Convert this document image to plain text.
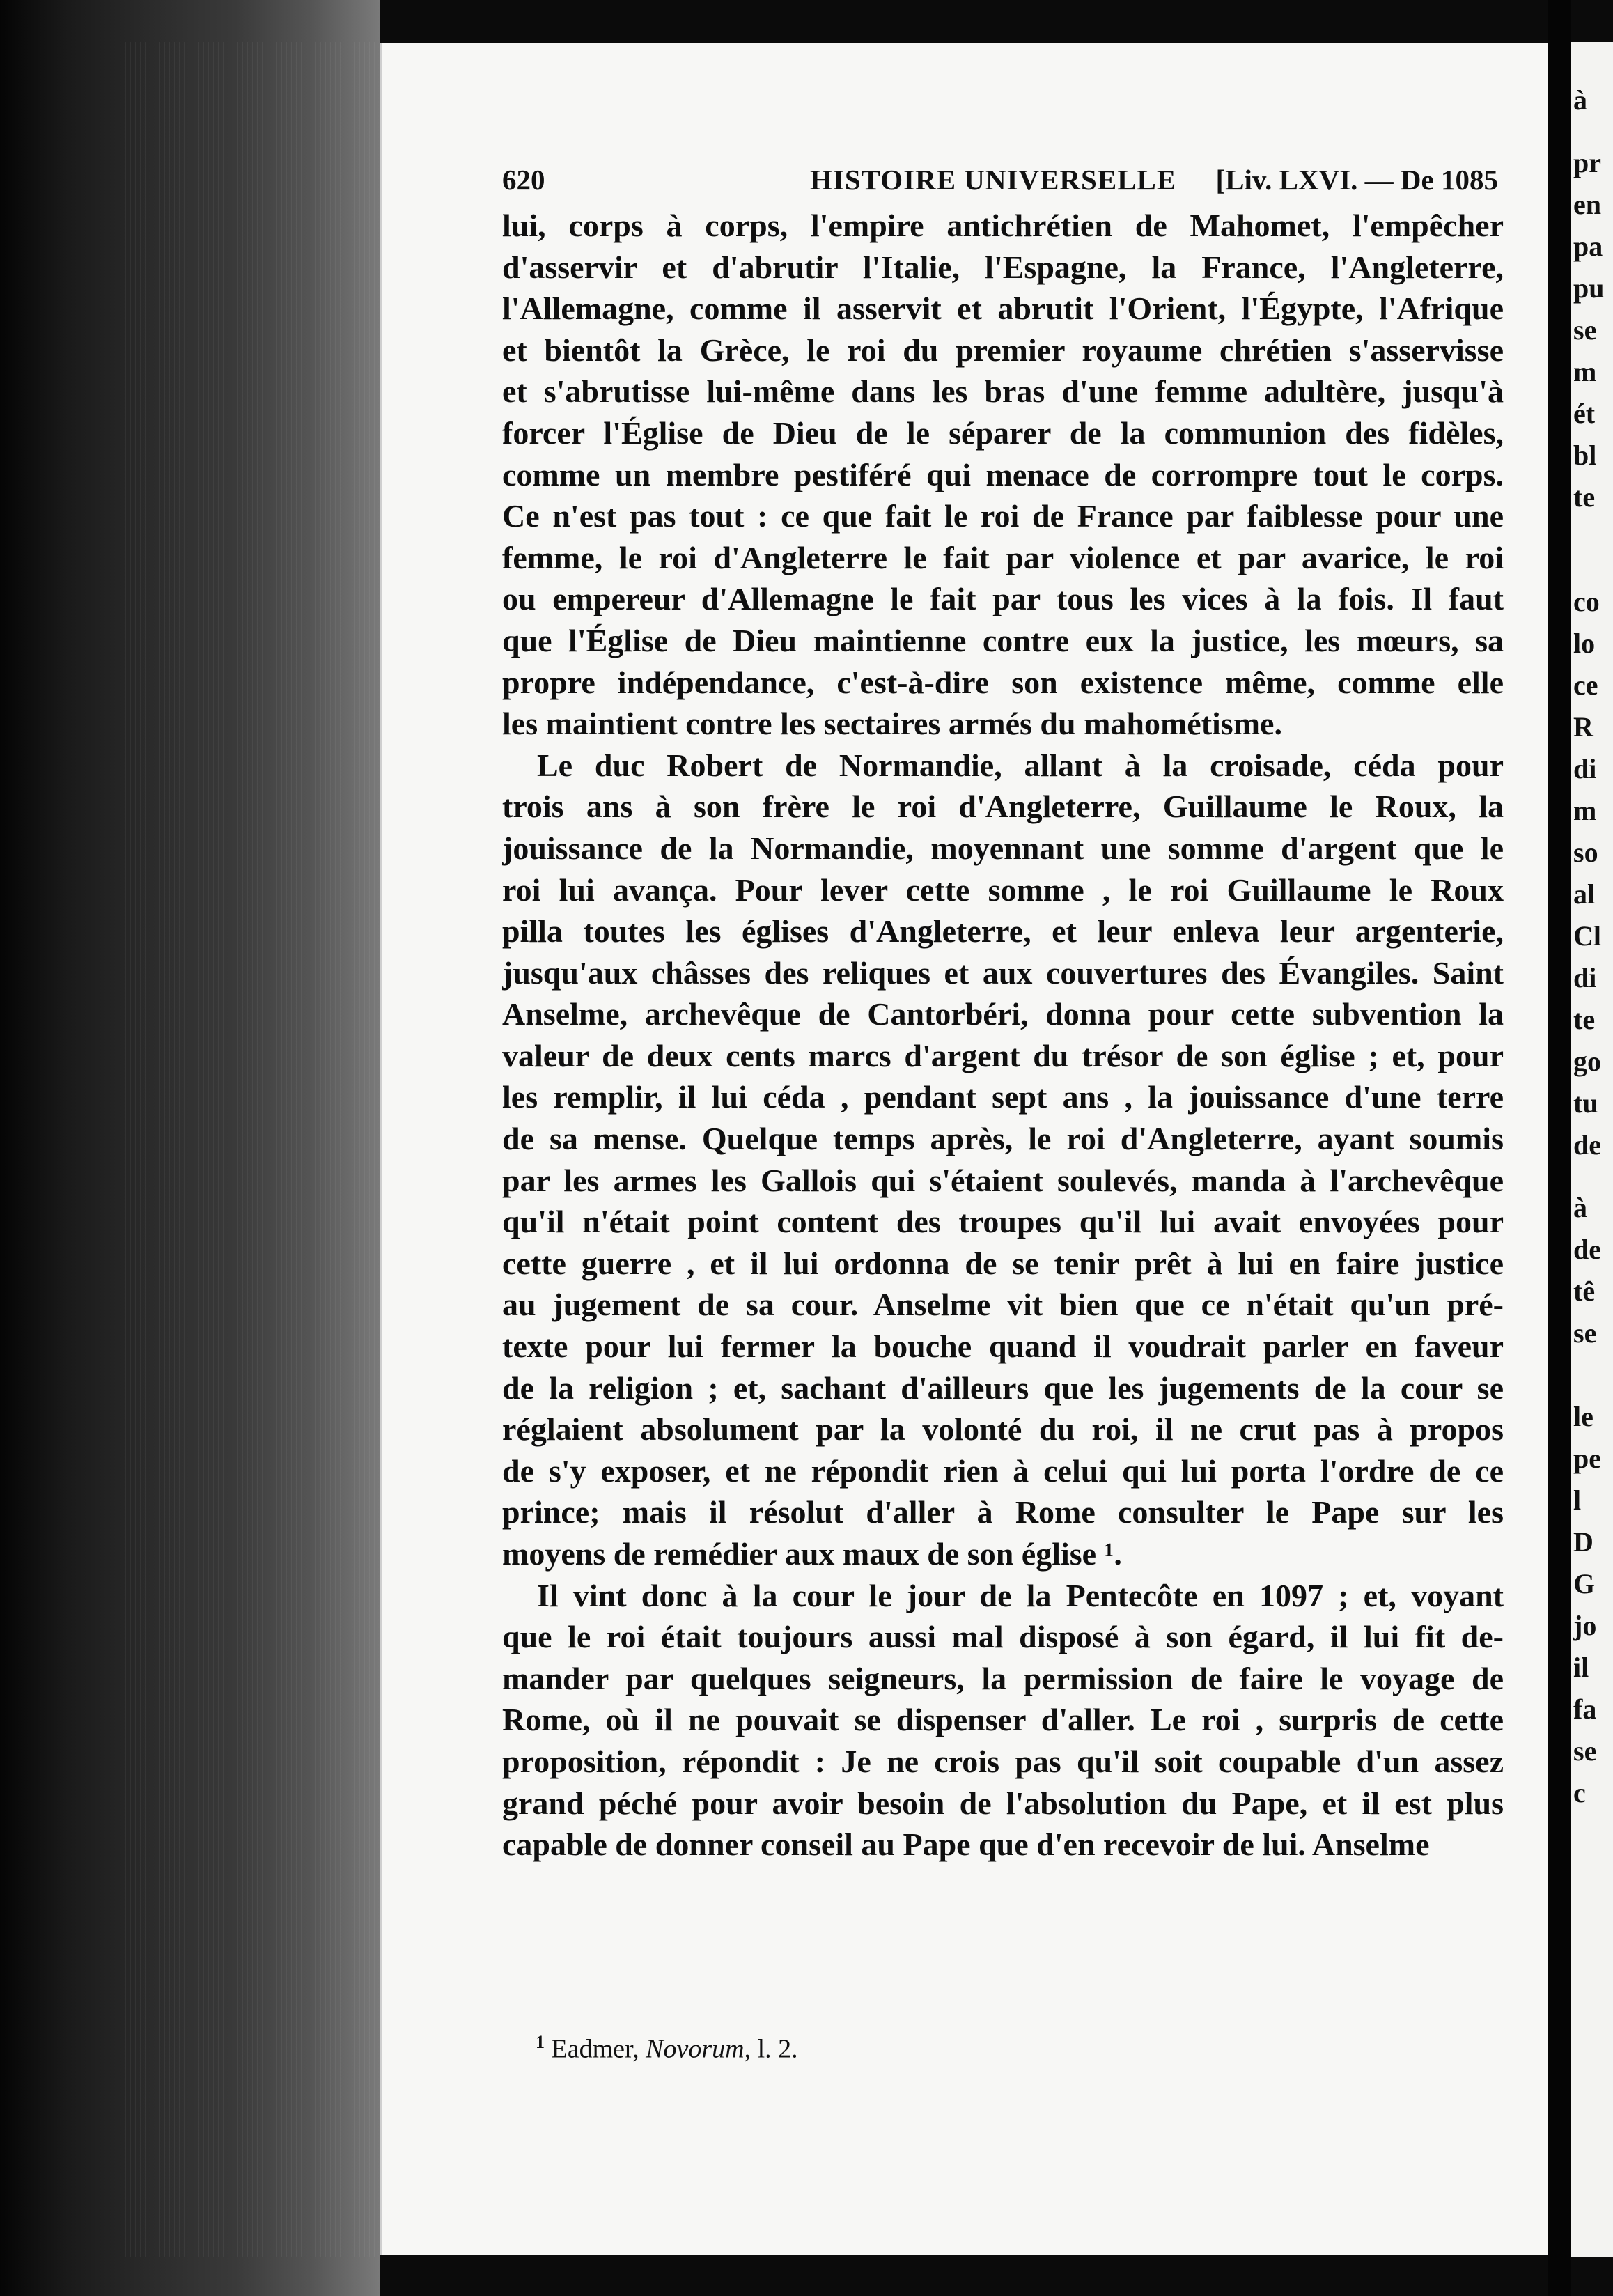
620	HISTOIRE UNIVERSELLE [Liv. LXVI. — De 1085
lui, corps à corps, l'empire antichrétien de Mahomet, l'empêcher
d'asservir et d'abrutir l'Italie, l'Espagne, la France, l'Angleterre,
l'Allemagne, comme il asservit et abrutit l'Orient, l'Égypte, l'Afrique
et bientôt la Grèce, le roi du premier royaume chrétien s'asservisse
et s'abrutisse lui-même dans les bras d'une femme adultère, jusqu'à
forcer l'Église de Dieu de le séparer de la communion des fidèles,
comme un membre pestiféré qui menace de corrompre tout le corps.
Ce n'est pas tout : ce que fait le roi de France par faiblesse pour une
femme, le roi d'Angleterre le fait par violence et par avarice, le roi
ou empereur d'Allemagne le fait par tous les vices à la fois. Il faut
que l'Église de Dieu maintienne contre eux la justice, les mœurs, sa
propre indépendance, c'est-à-dire son existence même, comme elle
les maintient contre les sectaires armés du mahométisme.
Le duc Robert de Normandie, allant à la croisade, céda pour
trois ans à son frère le roi d'Angleterre, Guillaume le Roux, la
jouissance de la Normandie, moyennant une somme d'argent que le
roi lui avança. Pour lever cette somme , le roi Guillaume le Roux
pilla toutes les églises d'Angleterre, et leur enleva leur argenterie,
jusqu'aux châsses des reliques et aux couvertures des Évangiles. Saint
Anselme, archevêque de Cantorbéri, donna pour cette subvention la
valeur de deux cents marcs d'argent du trésor de son église ; et, pour
les remplir, il lui céda , pendant sept ans , la jouissance d'une terre
de sa mense. Quelque temps après, le roi d'Angleterre, ayant soumis
par les armes les Gallois qui s'étaient soulevés, manda à l'archevêque
qu'il n'était point content des troupes qu'il lui avait envoyées pour
cette guerre , et il lui ordonna de se tenir prêt à lui en faire justice
au jugement de sa cour. Anselme vit bien que ce n'était qu'un pré-
texte pour lui fermer la bouche quand il voudrait parler en faveur
de la religion ; et, sachant d'ailleurs que les jugements de la cour se
réglaient absolument par la volonté du roi, il ne crut pas à propos
de s'y exposer, et ne répondit rien à celui qui lui porta l'ordre de ce
prince; mais il résolut d'aller à Rome consulter le Pape sur les
moyens de remédier aux maux de son église ¹.
Il vint donc à la cour le jour de la Pentecôte en 1097 ; et, voyant
que le roi était toujours aussi mal disposé à son égard, il lui fit de-
mander par quelques seigneurs, la permission de faire le voyage de
Rome, où il ne pouvait se dispenser d'aller. Le roi , surpris de cette
proposition, répondit : Je ne crois pas qu'il soit coupable d'un assez
grand péché pour avoir besoin de l'absolution du Pape, et il est plus
capable de donner conseil au Pape que d'en recevoir de lui. Anselme
$^1$ Eadmer, Novorum, l. 2.
à
pr
en
pa
pu
se
m
ét
bl
te
co
lo
ce
R
di
m
so
al
Cl
di
te
go
tu
de
à
de
tê
se
le
pe
l
D
G
jo
il
fa
se
c
